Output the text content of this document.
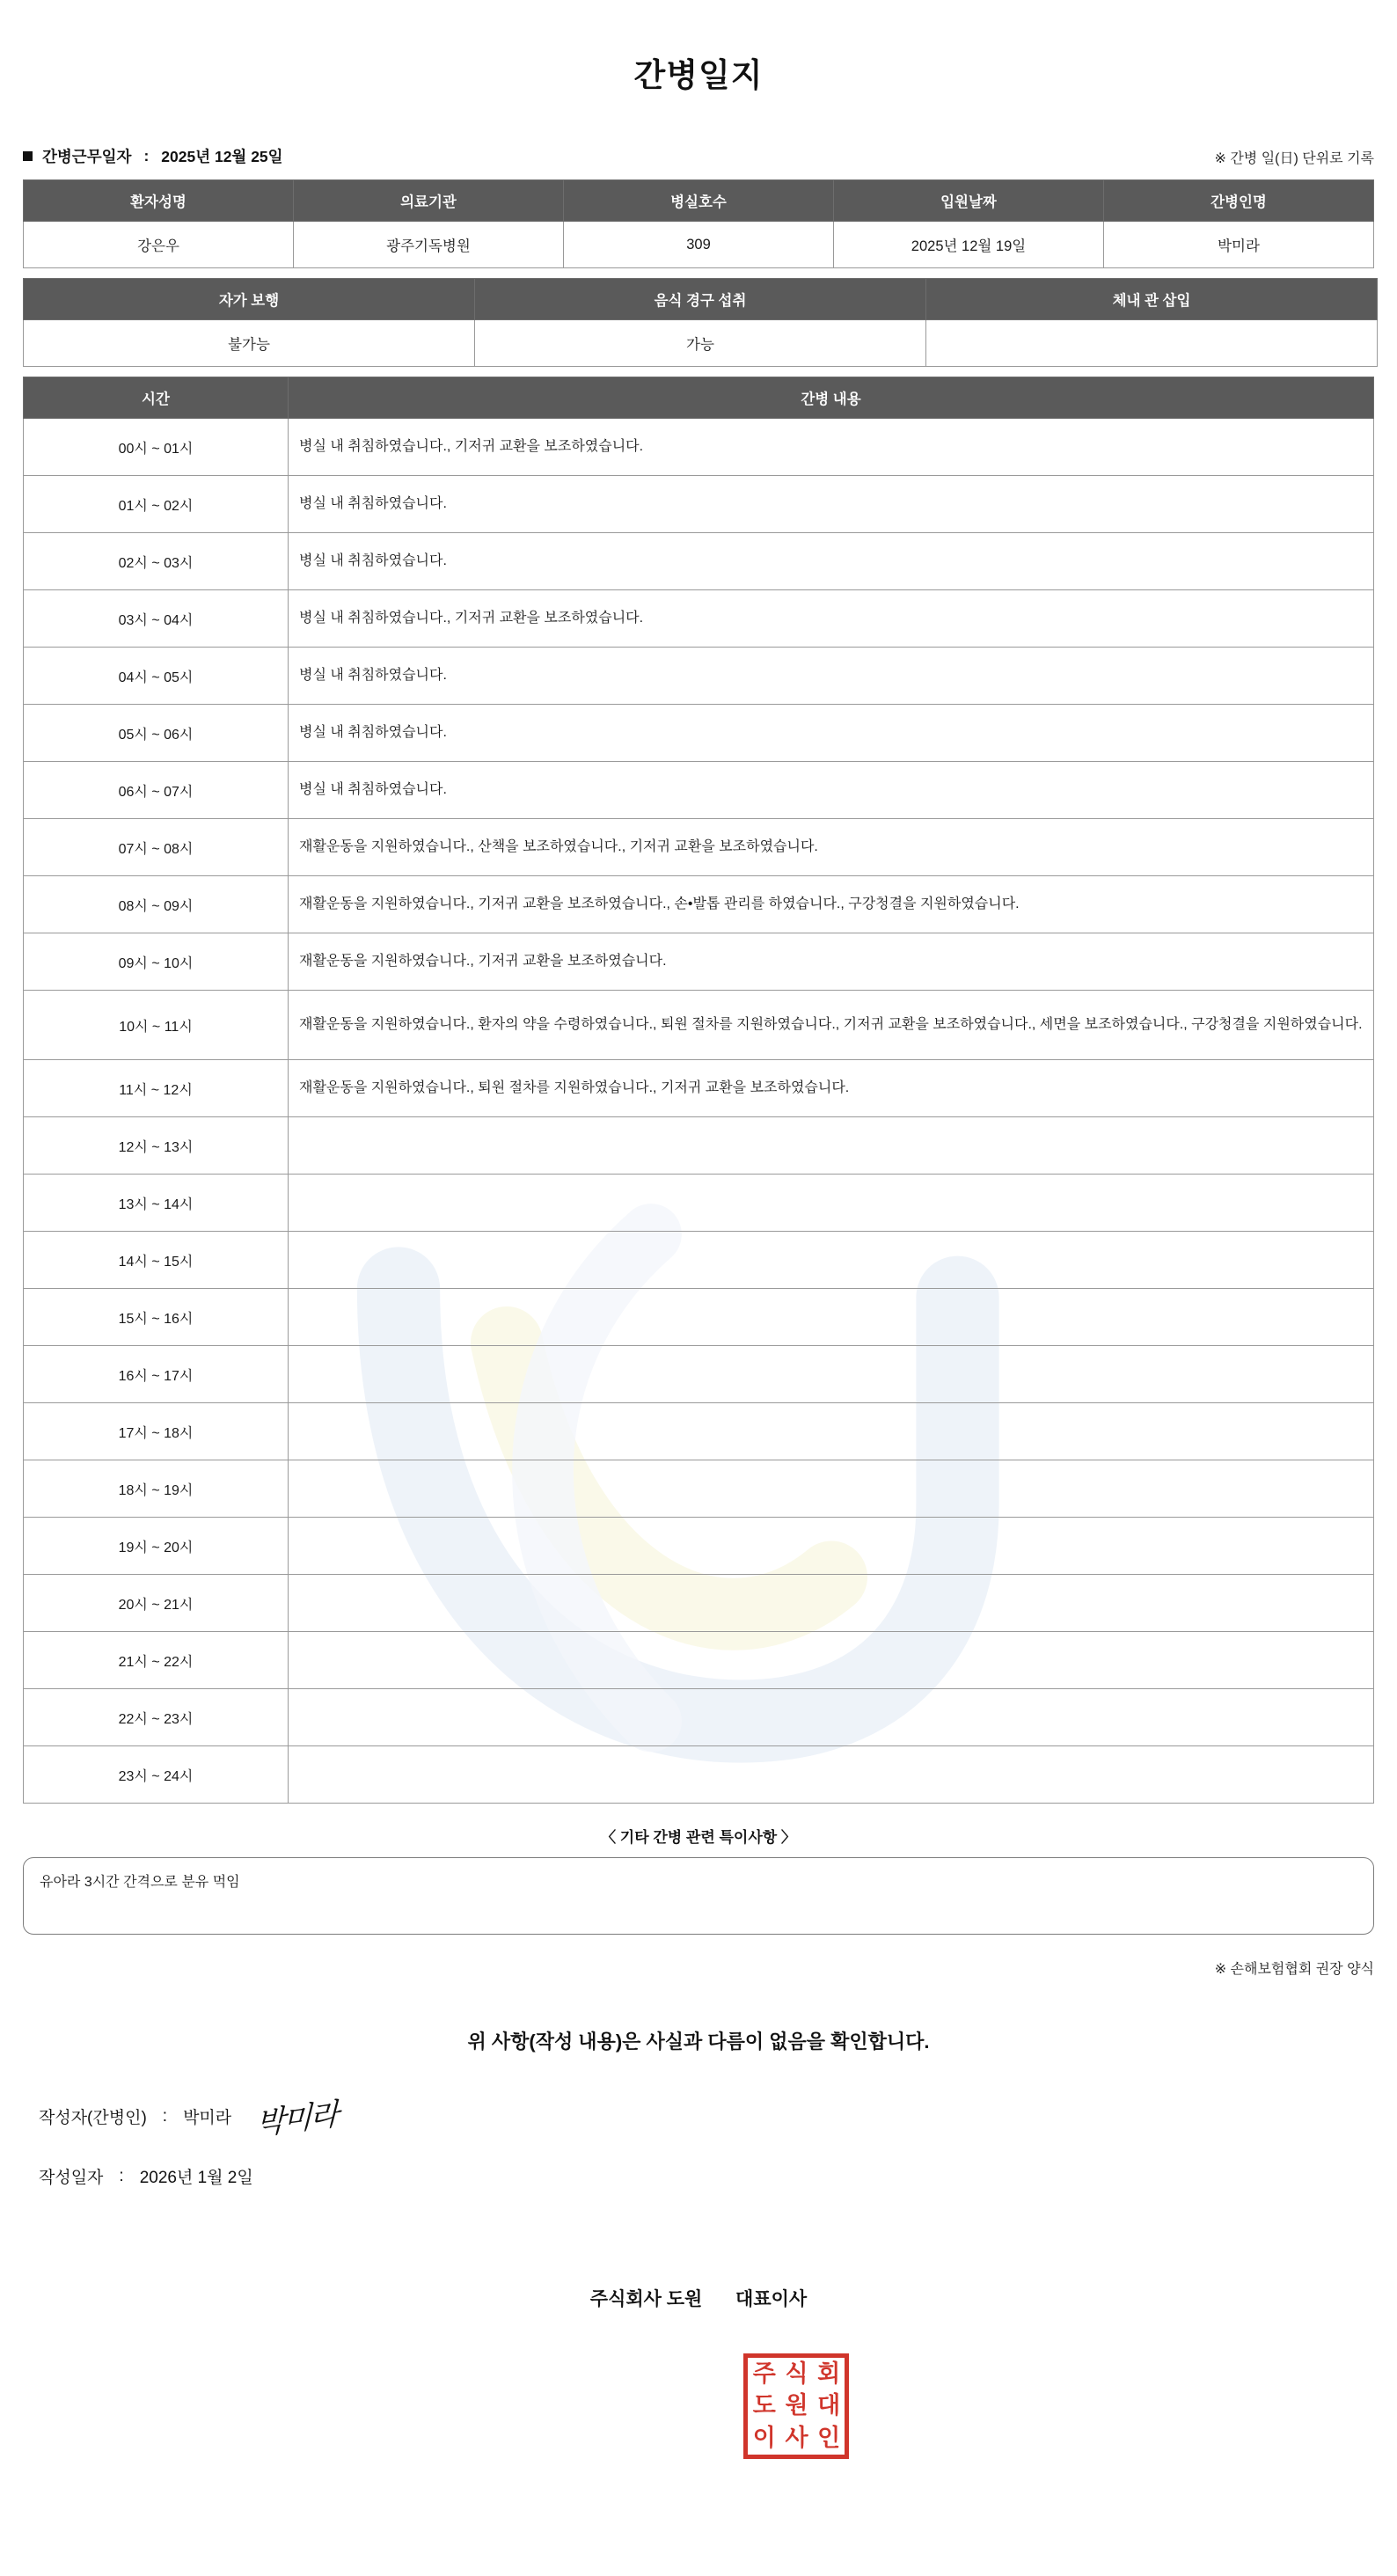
간병일지
간병근무일자 : 2025년 12월 25일	※ 간병 일(日) 단위로 기록
환자성명	의료기관	병실호수	입원날짜	간병인명
강은우	광주기독병원	309	2025년 12월 19일	박미라
자가 보행	음식 경구 섭취	체내 관 삽입
불가능	가능	
시간	간병 내용
00시 ~ 01시	병실 내 취침하였습니다., 기저귀 교환을 보조하였습니다.
01시 ~ 02시	병실 내 취침하였습니다.
02시 ~ 03시	병실 내 취침하였습니다.
03시 ~ 04시	병실 내 취침하였습니다., 기저귀 교환을 보조하였습니다.
04시 ~ 05시	병실 내 취침하였습니다.
05시 ~ 06시	병실 내 취침하였습니다.
06시 ~ 07시	병실 내 취침하였습니다.
07시 ~ 08시	재활운동을 지원하였습니다., 산책을 보조하였습니다., 기저귀 교환을 보조하였습니다.
08시 ~ 09시	재활운동을 지원하였습니다., 기저귀 교환을 보조하였습니다., 손•발톱 관리를 하였습니다., 구강청결을 지원하였습니다.
09시 ~ 10시	재활운동을 지원하였습니다., 기저귀 교환을 보조하였습니다.
10시 ~ 11시	재활운동을 지원하였습니다., 환자의 약을 수령하였습니다., 퇴원 절차를 지원하였습니다., 기저귀 교환을 보조하였습니다., 세면을 보조하였습니다., 구강청결을 지원하였습니다.
11시 ~ 12시	재활운동을 지원하였습니다., 퇴원 절차를 지원하였습니다., 기저귀 교환을 보조하였습니다.
12시 ~ 13시	
13시 ~ 14시	
14시 ~ 15시	
15시 ~ 16시	
16시 ~ 17시	
17시 ~ 18시	
18시 ~ 19시	
19시 ~ 20시	
20시 ~ 21시	
21시 ~ 22시	
22시 ~ 23시	
23시 ~ 24시	
〈 기타 간병 관련 특이사항 〉
유아라 3시간 간격으로 분유 먹임
※ 손해보험협회 권장 양식
위 사항(작성 내용)은 사실과 다름이 없음을 확인합니다.
작성자(간병인) : 박미라 박미라
작성일자 : 2026년 1월 2일
주식회사 도원 대표이사
주 식 회
도 원 대
이 사 인
